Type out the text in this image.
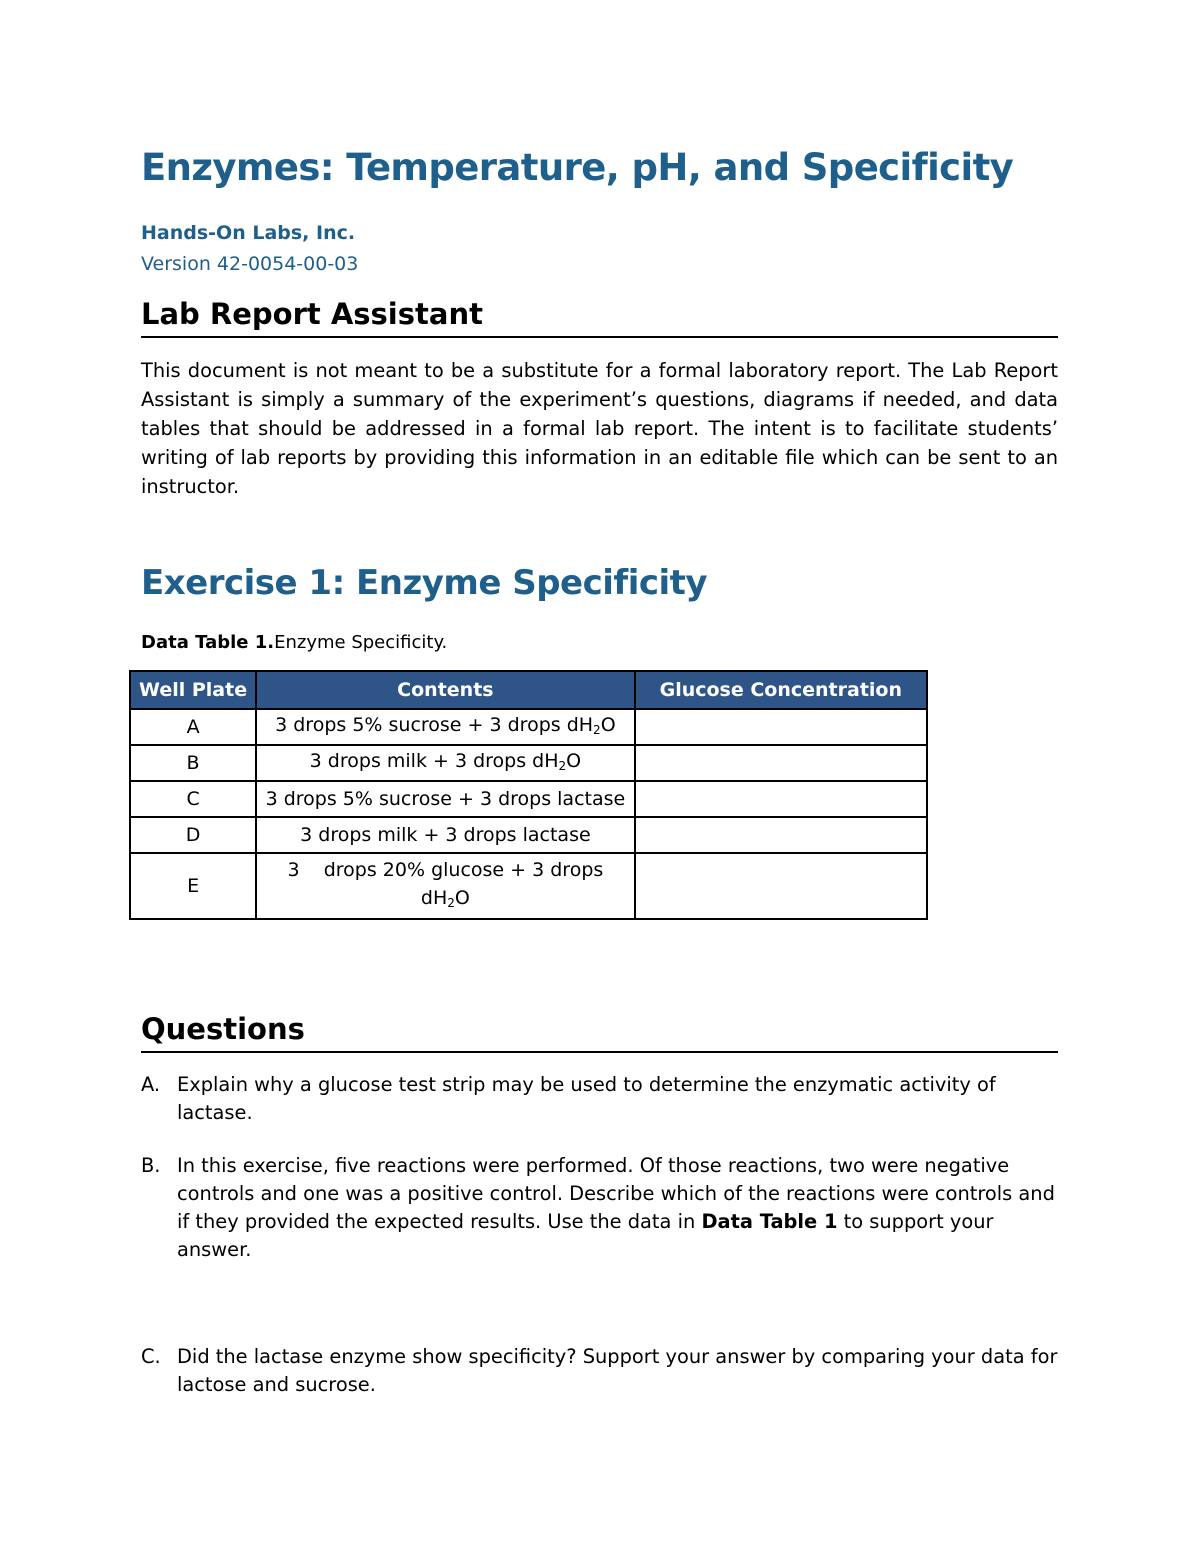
Enzymes: Temperature, pH, and Specificity
Hands-On Labs, Inc.
Version 42-0054-00-03
Lab Report Assistant

This document is not meant to be a substitute for a formal laboratory report. The Lab Report Assistant is simply a summary of the experiment’s questions, diagrams if needed, and data tables that should be addressed in a formal lab report. The intent is to facilitate students’ writing of lab reports by providing this information in an editable file which can be sent to an instructor.

Exercise 1: Enzyme Specificity
Data Table 1.Enzyme Specificity.
Well Plate	Contents	Glucose Concentration
A	3 drops 5% sucrose + 3 drops $dH_2O$	
B	3 drops milk + 3 drops $dH_2O$	
C	3 drops 5% sucrose + 3 drops lactase	
D	3 drops milk + 3 drops lactase	
E	3    drops 20% glucose + 3 drops
$dH_2O$	
Questions
A. Explain why a glucose test strip may be used to determine the enzymatic activity of lactase.
B. In this exercise, five reactions were performed. Of those reactions, two were negative controls and one was a positive control. Describe which of the reactions were controls and if they provided the expected results. Use the data in Data Table 1 to support your answer.
C. Did the lactase enzyme show specificity? Support your answer by comparing your data for lactose and sucrose.
